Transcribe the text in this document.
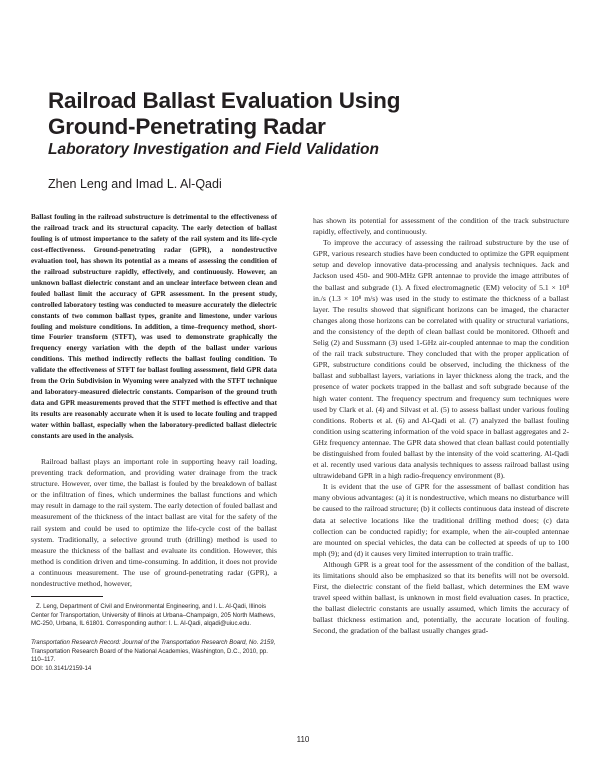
Railroad Ballast Evaluation Using
Ground-Penetrating Radar
Laboratory Investigation and Field Validation
Zhen Leng and Imad L. Al-Qadi

Ballast fouling in the railroad substructure is detrimental to the effectiveness of the railroad track and its structural capacity. The early detection of ballast fouling is of utmost importance to the safety of the rail system and its life-cycle cost-effectiveness. Ground-penetrating radar (GPR), a nondestructive evaluation tool, has shown its potential as a means of assessing the condition of the railroad substructure rapidly, effectively, and continuously. However, an unknown ballast dielectric constant and an unclear interface between clean and fouled ballast limit the accuracy of GPR assessment. In the present study, controlled laboratory testing was conducted to measure accurately the dielectric constants of two common ballast types, granite and limestone, under various fouling and moisture conditions. In addition, a time–frequency method, short-time Fourier transform (STFT), was used to demonstrate graphically the frequency energy variation with the depth of the ballast under various conditions. This method indirectly reflects the ballast fouling condition. To validate the effectiveness of STFT for ballast fouling assessment, field GPR data from the Orin Subdivision in Wyoming were analyzed with the STFT technique and laboratory-measured dielectric constants. Comparison of the ground truth data and GPR measurements proved that the STFT method is effective and that its results are reasonably accurate when it is used to locate fouling and trapped water within ballast, especially when the laboratory-predicted ballast dielectric constants are used in the analysis.

Railroad ballast plays an important role in supporting heavy rail loading, preventing track deformation, and providing water drainage from the track structure. However, over time, the ballast is fouled by the breakdown of ballast or the infiltration of fines, which undermines the ballast functions and which may result in damage to the rail system. The early detection of fouled ballast and measurement of the thickness of the intact ballast are vital for the safety of the rail system and could be used to optimize the life-cycle cost of the ballast system. Traditionally, a selective ground truth (drilling) method is used to measure the thickness of the ballast and evaluate its condition. However, this method is condition driven and time-consuming. In addition, it does not provide a continuous measurement. The use of ground-penetrating radar (GPR), a nondestructive method, however,

Z. Leng, Department of Civil and Environmental Engineering, and I. L. Al-Qadi, Illinois Center for Transportation, University of Illinois at Urbana–Champaign, 205 North Mathews, MC-250, Urbana, IL 61801. Corresponding author: I. L. Al-Qadi, alqadi@uiuc.edu.

Transportation Research Record: Journal of the Transportation Research Board, No. 2159, Transportation Research Board of the National Academies, Washington, D.C., 2010, pp. 110–117.

DOI: 10.3141/2159-14

has shown its potential for assessment of the condition of the track substructure rapidly, effectively, and continuously.

To improve the accuracy of assessing the railroad substructure by the use of GPR, various research studies have been conducted to optimize the GPR equipment setup and develop innovative data-processing and analysis techniques. Jack and Jackson used 450- and 900-MHz GPR antennae to provide the image attributes of the ballast and subgrade (1). A fixed electromagnetic (EM) velocity of 5.1 × 10⁸ in./s (1.3 × 10⁸ m/s) was used in the study to estimate the thickness of a ballast layer. The results showed that significant horizons can be imaged, the character changes along those horizons can be correlated with quality or structural variations, and the consistency of the depth of clean ballast could be monitored. Olhoeft and Selig (2) and Sussmann (3) used 1-GHz air-coupled antennae to map the condition of the rail track substructure. They concluded that with the proper application of GPR, substructure conditions could be observed, including the thickness of the ballast and subballast layers, variations in layer thickness along the track, and the presence of water pockets trapped in the ballast and soft subgrade because of the high water content. The frequency spectrum and frequency sum techniques were used by Clark et al. (4) and Silvast et al. (5) to assess ballast under various fouling conditions. Roberts et al. (6) and Al-Qadi et al. (7) analyzed the ballast fouling condition using scattering information of the void space in ballast aggregates and 2-GHz frequency antennae. The GPR data showed that clean ballast could potentially be distinguished from fouled ballast by the intensity of the void scattering. Al-Qadi et al. recently used various data analysis techniques to assess railroad ballast using ultrawideband GPR in a high radio-frequency environment (8).

It is evident that the use of GPR for the assessment of ballast condition has many obvious advantages: (a) it is nondestructive, which means no disturbance will be caused to the railroad structure; (b) it collects continuous data instead of discrete data at selective locations like the traditional drilling method does; (c) data collection can be conducted rapidly; for example, when the air-coupled antennae are mounted on special vehicles, the data can be collected at speeds of up to 100 mph (9); and (d) it causes very limited interruption to train traffic.

Although GPR is a great tool for the assessment of the condition of the ballast, its limitations should also be emphasized so that its benefits will not be oversold. First, the dielectric constant of the field ballast, which determines the EM wave travel speed within ballast, is unknown in most field evaluation cases. In practice, the ballast dielectric constants are usually assumed, which limits the accuracy of ballast thickness estimation and, potentially, the accurate location of fouling. Second, the gradation of the ballast usually changes grad-

110
